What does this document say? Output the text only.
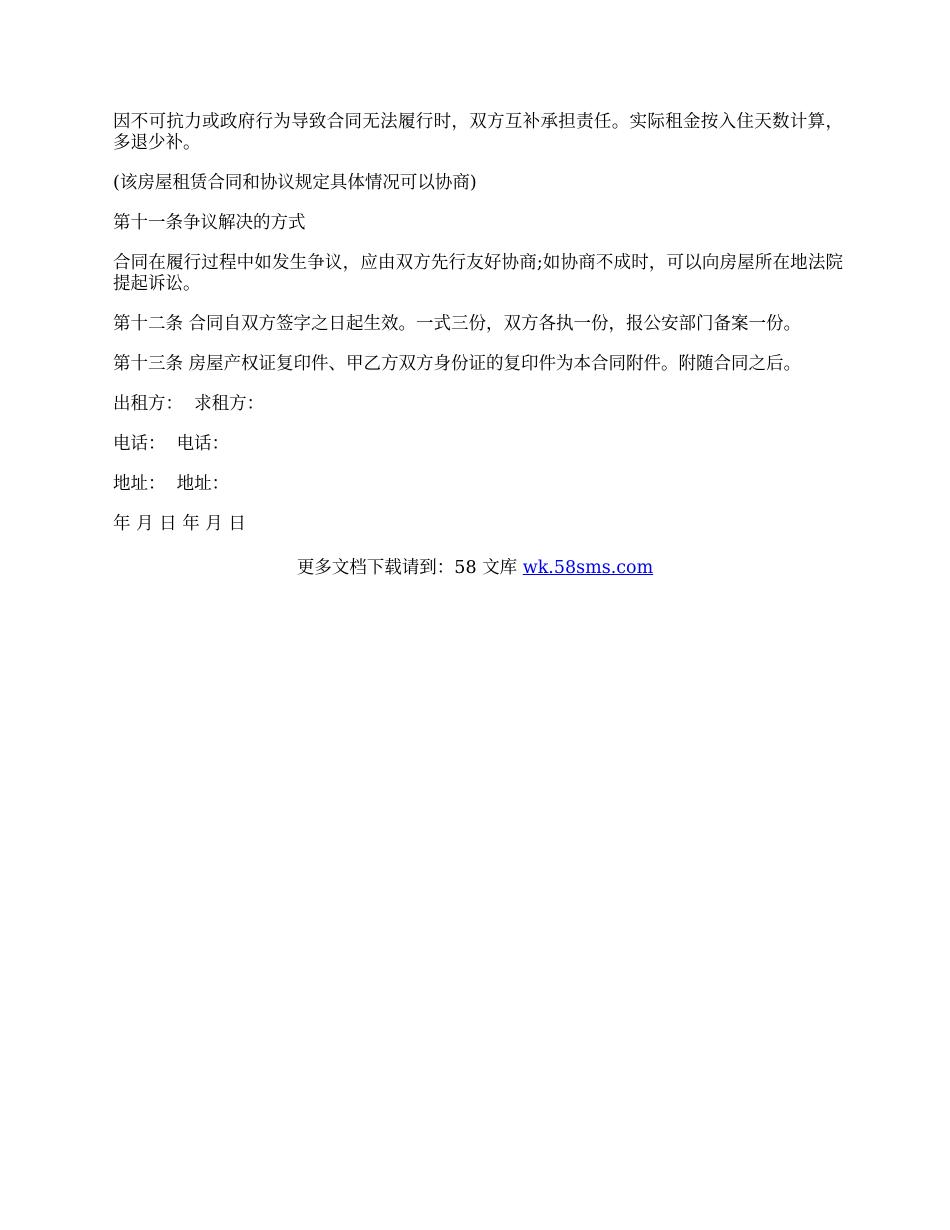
因不可抗力或政府行为导致合同无法履行时，双方互补承担责任。实际租金按入住天数计算，多退少补。

(该房屋租赁合同和协议规定具体情况可以协商)

第十一条争议解决的方式

合同在履行过程中如发生争议，应由双方先行友好协商;如协商不成时，可以向房屋所在地法院提起诉讼。

第十二条 合同自双方签字之日起生效。一式三份，双方各执一份，报公安部门备案一份。

第十三条 房屋产权证复印件、甲乙方双方身份证的复印件为本合同附件。附随合同之后。

出租方：  求租方：

电话：  电话：

地址：  地址：

年 月 日 年 月 日

更多文档下载请到：58 文库 wk.58sms.com
